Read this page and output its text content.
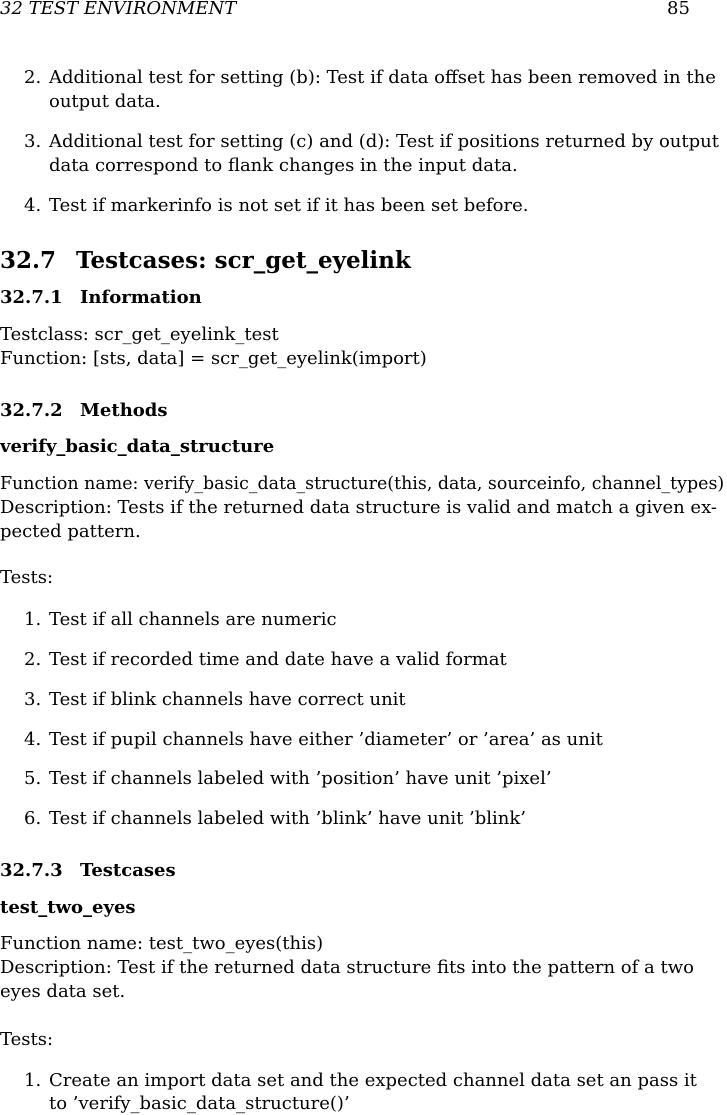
32 TEST ENVIRONMENT	85
2. Additional test for setting (b): Test if data offset has been removed in the
output data.
3. Additional test for setting (c) and (d): Test if positions returned by output
data correspond to flank changes in the input data.
4. Test if markerinfo is not set if it has been set before.
32.7 Testcases: scr_get_eyelink
32.7.1 Information
Testclass: scr_get_eyelink_test
Function: [sts, data] = scr_get_eyelink(import)
32.7.2 Methods
verify_basic_data_structure
Function name: verify_basic_data_structure(this, data, sourceinfo, channel_types)
Description: Tests if the returned data structure is valid and match a given ex-
pected pattern.
Tests:
1. Test if all channels are numeric
2. Test if recorded time and date have a valid format
3. Test if blink channels have correct unit
4. Test if pupil channels have either ’diameter’ or ’area’ as unit
5. Test if channels labeled with ’position’ have unit ’pixel’
6. Test if channels labeled with ’blink’ have unit ’blink’
32.7.3 Testcases
test_two_eyes
Function name: test_two_eyes(this)
Description: Test if the returned data structure fits into the pattern of a two
eyes data set.
Tests:
1. Create an import data set and the expected channel data set an pass it
to ’verify_basic_data_structure()’
